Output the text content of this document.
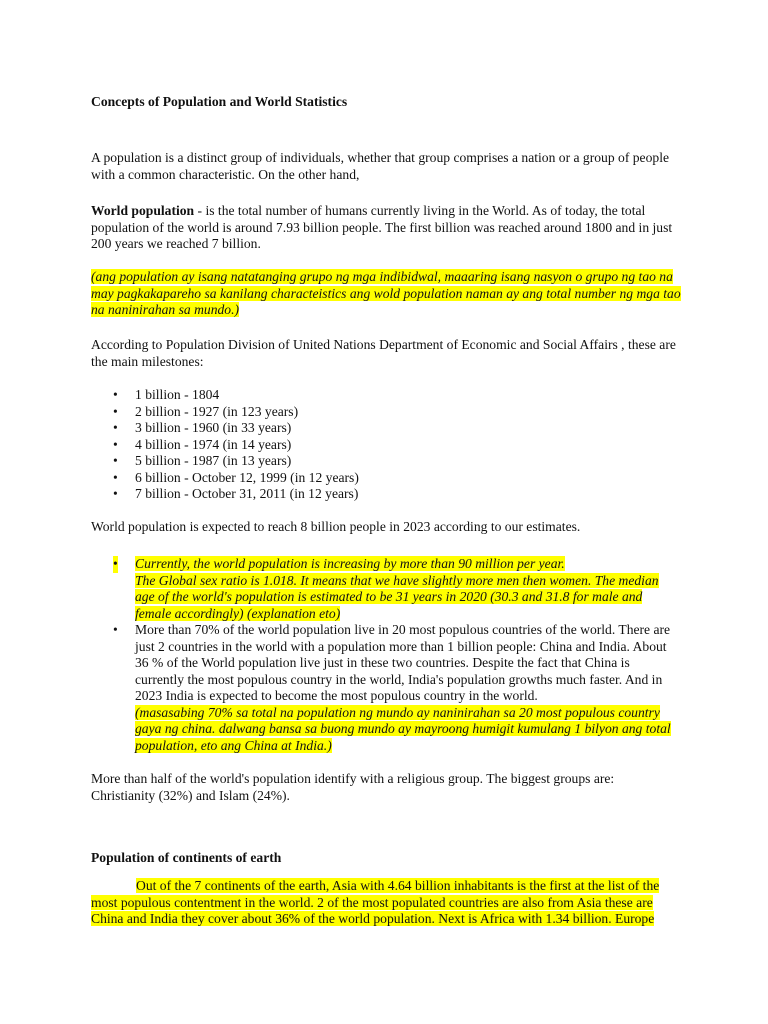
Concepts of Population and World Statistics
A population is a distinct group of individuals, whether that group comprises a nation or a group of people with a common characteristic. On the other hand,
World population - is the total number of humans currently living in the World. As of today, the total population of the world is around 7.93 billion people. The first billion was reached around 1800 and in just 200 years we reached 7 billion.
(ang population ay isang natatanging grupo ng mga indibidwal, maaaring isang nasyon o grupo ng tao na may pagkakapareho sa kanilang characteistics ang wold population naman ay ang total number ng mga tao na naninirahan sa mundo.)
According to Population Division of United Nations Department of Economic and Social Affairs , these are the main milestones:
• 1 billion - 1804
• 2 billion - 1927 (in 123 years)
• 3 billion - 1960 (in 33 years)
• 4 billion - 1974 (in 14 years)
• 5 billion - 1987 (in 13 years)
• 6 billion - October 12, 1999 (in 12 years)
• 7 billion - October 31, 2011 (in 12 years)
World population is expected to reach 8 billion people in 2023 according to our estimates.
• Currently, the world population is increasing by more than 90 million per year.
The Global sex ratio is 1.018. It means that we have slightly more men then women. The median age of the world's population is estimated to be 31 years in 2020 (30.3 and 31.8 for male and female accordingly) (explanation eto)
• More than 70% of the world population live in 20 most populous countries of the world. There are just 2 countries in the world with a population more than 1 billion people: China and India. About 36 % of the World population live just in these two countries. Despite the fact that China is currently the most populous country in the world, India's population growths much faster. And in 2023 India is expected to become the most populous country in the world.
(masasabing 70% sa total na population ng mundo ay naninirahan sa 20 most populous country gaya ng china. dalwang bansa sa buong mundo ay mayroong humigit kumulang 1 bilyon ang total population, eto ang China at India.)
More than half of the world's population identify with a religious group. The biggest groups are: Christianity (32%) and Islam (24%).
Population of continents of earth
Out of the 7 continents of the earth, Asia with 4.64 billion inhabitants is the first at the list of the most populous contentment in the world. 2 of the most populated countries are also from Asia these are China and India they cover about 36% of the world population. Next is Africa with 1.34 billion. Europe
